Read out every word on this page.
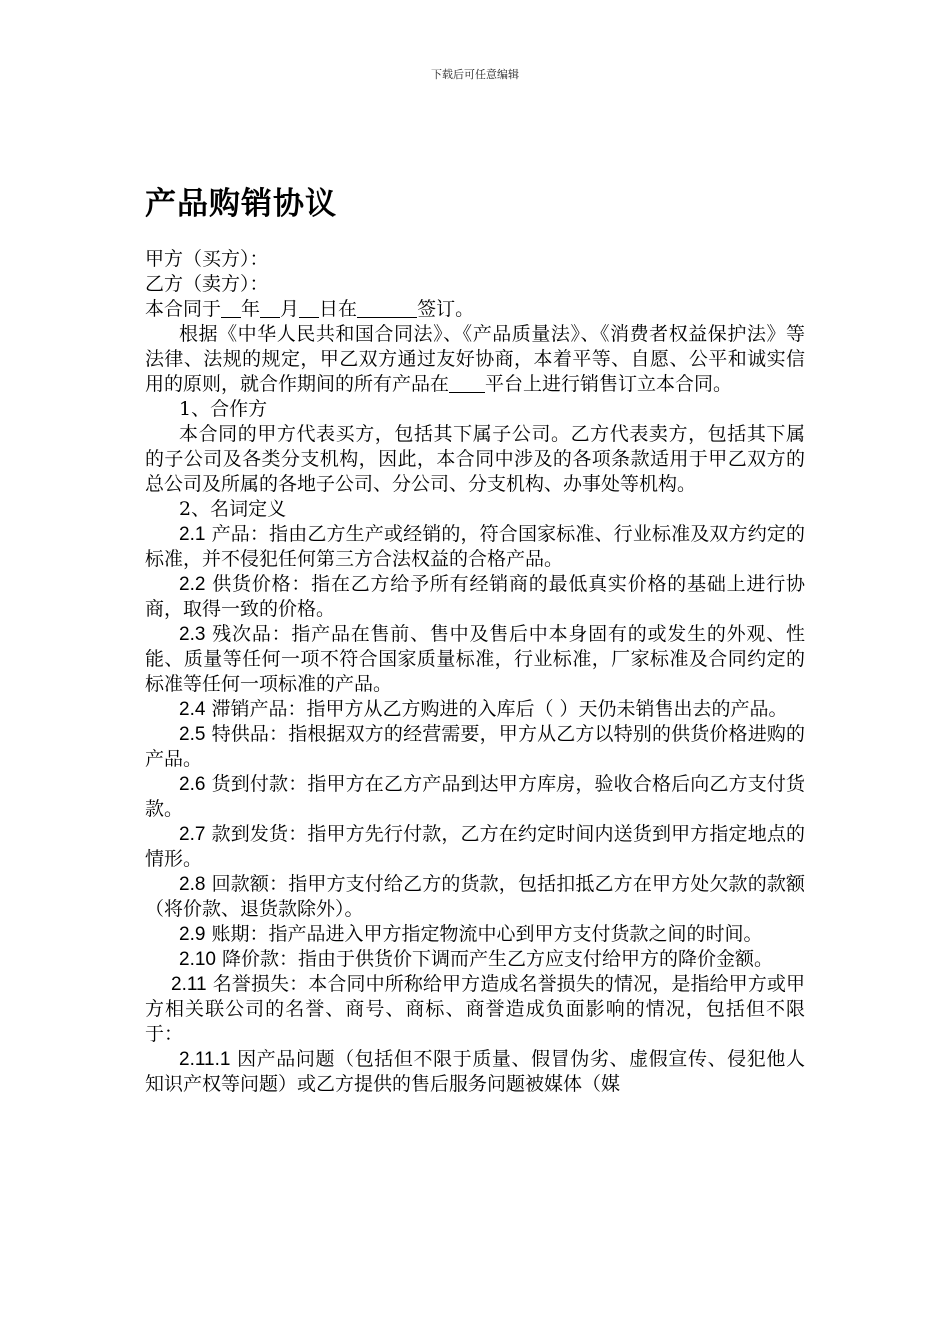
下载后可任意编辑
产品购销协议

甲方（买方）：

乙方（卖方）：

本合同于 年 月 日在	签订。

根据《中华人民共和国合同法》、《产品质量法》、《消费者权益保护法》等法律、法规的规定，甲乙双方通过友好协商，本着平等、自愿、公平和诚实信用的原则，就合作期间的所有产品在 平台上进行销售订立本合同。

1、合作方

本合同的甲方代表买方，包括其下属子公司。乙方代表卖方，包括其下属的子公司及各类分支机构，因此，本合同中涉及的各项条款适用于甲乙双方的总公司及所属的各地子公司、分公司、分支机构、办事处等机构。

2、名词定义

2.1 产品：指由乙方生产或经销的，符合国家标准、行业标准及双方约定的标准，并不侵犯任何第三方合法权益的合格产品。

2.2 供货价格：指在乙方给予所有经销商的最低真实价格的基础上进行协商，取得一致的价格。

2.3 残次品：指产品在售前、售中及售后中本身固有的或发生的外观、性能、质量等任何一项不符合国家质量标准，行业标准，厂家标准及合同约定的标准等任何一项标准的产品。

2.4 滞销产品：指甲方从乙方购进的入库后（ ）天仍未销售出去的产品。

2.5 特供品：指根据双方的经营需要，甲方从乙方以特别的供货价格进购的产品。

2.6 货到付款：指甲方在乙方产品到达甲方库房，验收合格后向乙方支付货款。

2.7 款到发货：指甲方先行付款，乙方在约定时间内送货到甲方指定地点的情形。

2.8 回款额：指甲方支付给乙方的货款，包括扣抵乙方在甲方处欠款的款额（将价款、退货款除外）。

2.9 账期：指产品进入甲方指定物流中心到甲方支付货款之间的时间。

2.10 降价款：指由于供货价下调而产生乙方应支付给甲方的降价金额。

2.11 名誉损失：本合同中所称给甲方造成名誉损失的情况，是指给甲方或甲方相关联公司的名誉、商号、商标、商誉造成负面影响的情况，包括但不限于：

2.11.1 因产品问题（包括但不限于质量、假冒伪劣、虚假宣传、侵犯他人知识产权等问题）或乙方提供的售后服务问题被媒体（媒
